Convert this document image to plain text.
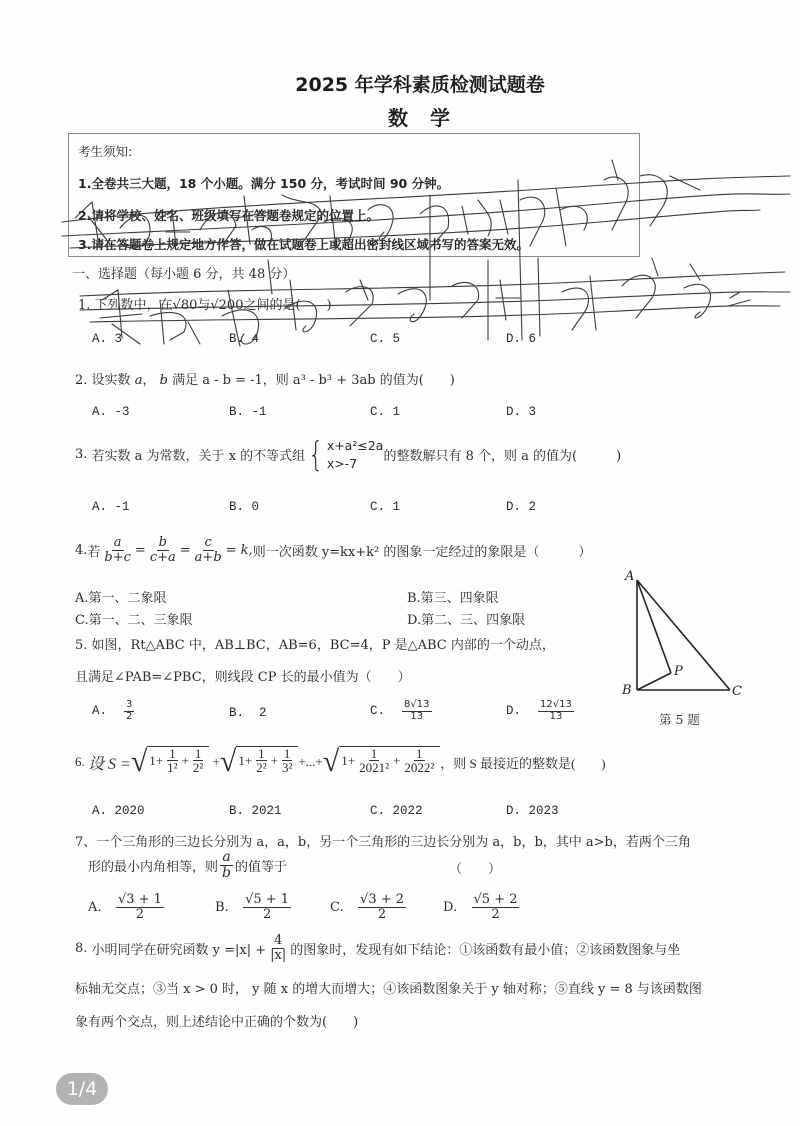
2025 年学科素质检测试题卷
数学
考生须知:
1.全卷共三大题，18 个小题。满分 150 分，考试时间 90 分钟。
2.请将学校、姓名、班级填写在答题卷规定的位置上。
3.请在答题卷上规定地方作答，做在试题卷上或超出密封线区域书写的答案无效。
一、选择题（每小题 6 分，共 48 分）
1. 下列数中，在√80与√200之间的是(　　)
A. 3	B. 4	C. 5	D. 6
2. 设实数 a， b 满足 a - b = -1，则 a³ - b³ + 3ab 的值为(　　)
A. -3	B. -1	C. 1	D. 3
3.
若实数 a 为常数，关于 x 的不等式组 { x+a²≤2a
x>-7	的整数解只有 8 个，则 a 的值为(　　　)
A. -1	B. 0	C. 1	D. 2
4. 若 $\frac{a}{b+c} = \frac{b}{c+a} = \frac{c}{a+b} = k$, 则一次函数 y=kx+k² 的图象一定经过的象限是（　　　）
A.第一、二象限	B.第三、四象限
C.第一、二、三象限	D.第二、三、四象限
5. 如图，Rt△ABC 中，AB⊥BC，AB=6，BC=4，P 是△ABC 内部的一个动点，
且满足∠PAB=∠PBC，则线段 CP 长的最小值为（　　）
A.
$\frac{3}{2}$	B. 2	C.
$\frac{8√13}{13}$	D.
$\frac{12√13}{13}$
A
B	C
P
第 5 题
6.
设 S = √ $1+ \frac{1}{\text{1²}} + \frac{1}{\text{2²}}$ + √ $1+ \frac{1}{\text{2²}} + \frac{1}{\text{3²}}$ +...+ √ $1+ \frac{1}{\text{2021²}} + \frac{1}{\text{2022²}}$ ，则 S 最接近的整数是(　　)
A. 2020	B. 2021	C. 2022	D. 2023
7、一个三角形的三边长分别为 a，a，b，另一个三角形的三边长分别为 a，b，b，其中 a>b，若两个三角
形的最小内角相等，则 $\frac{a}{b}$ 的值等于	（　　）
A.
$\frac{√3 + 1}{2}$	B.
$\frac{√5 + 1}{2}$	C.
$\frac{√3 + 2}{2}$	D.
$\frac{√5 + 2}{2}$
8.
小明同学在研究函数 $y =|x| + \frac{4}{|x|}$ 的图象时，发现有如下结论：①该函数有最小值；②该函数图象与坐
标轴无交点；③当 x > 0 时， y 随 x 的增大而增大；④该函数图象关于 y 轴对称；⑤直线 y = 8 与该函数图
象有两个交点，则上述结论中正确的个数为(　　)
1/4
